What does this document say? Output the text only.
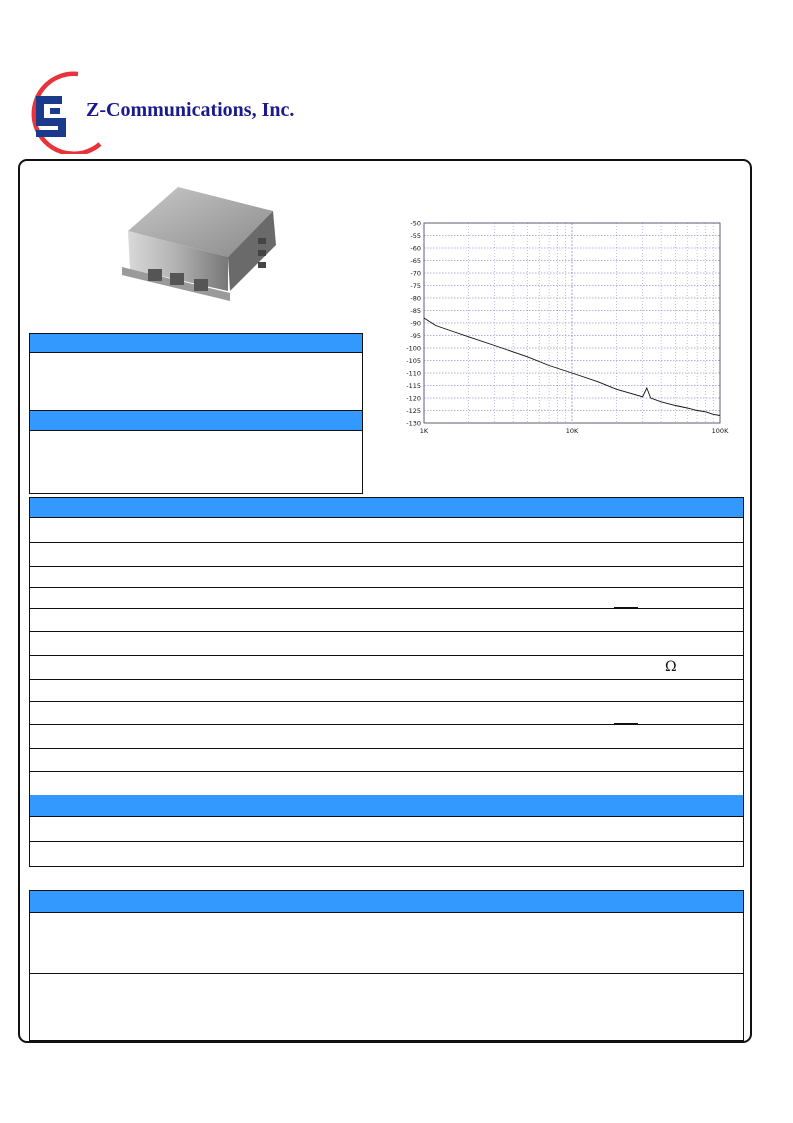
Z-Communications, Inc.
-50
-55
-60
-65
-70
-75
-80
-85
-90
-95
-100
-105
-110
-115
-120
-125
-130
1K	10K	100K
Ω
